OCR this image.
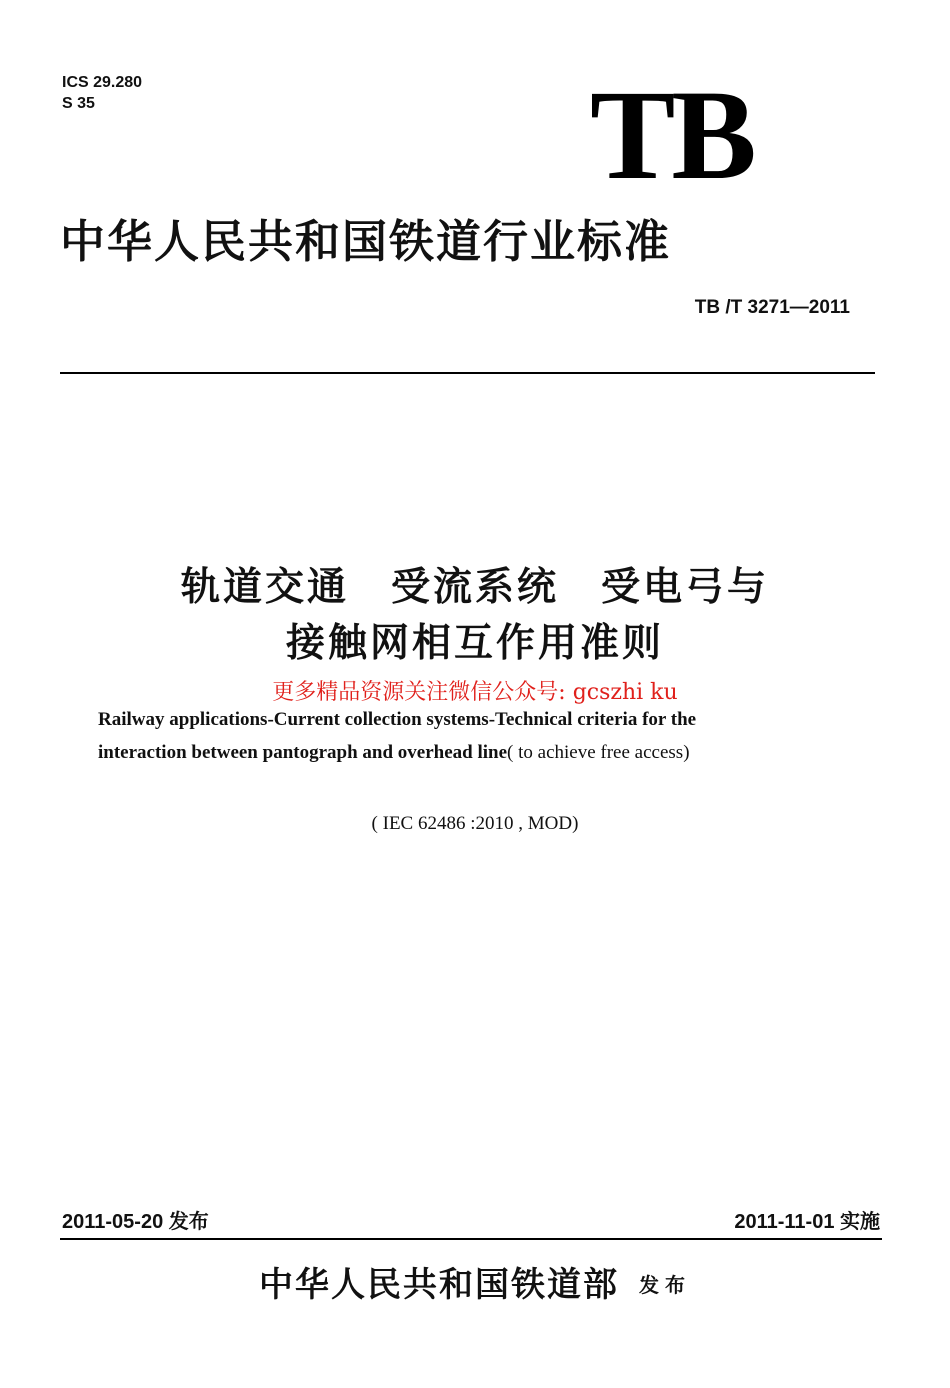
ICS 29.280
S 35	TB
中华人民共和国铁道行业标准
TB /T 3271—2011
轨道交通　受流系统　受电弓与
接触网相互作用准则
更多精品资源关注微信公众号: gcszhi ku
Railway applications-Current collection systems-Technical criteria for the
interaction between pantograph and overhead line( to achieve free access)
( IEC 62486 :2010 , MOD)
2011-05-20 发布	2011-11-01 实施
中华人民共和国铁道部 发布
